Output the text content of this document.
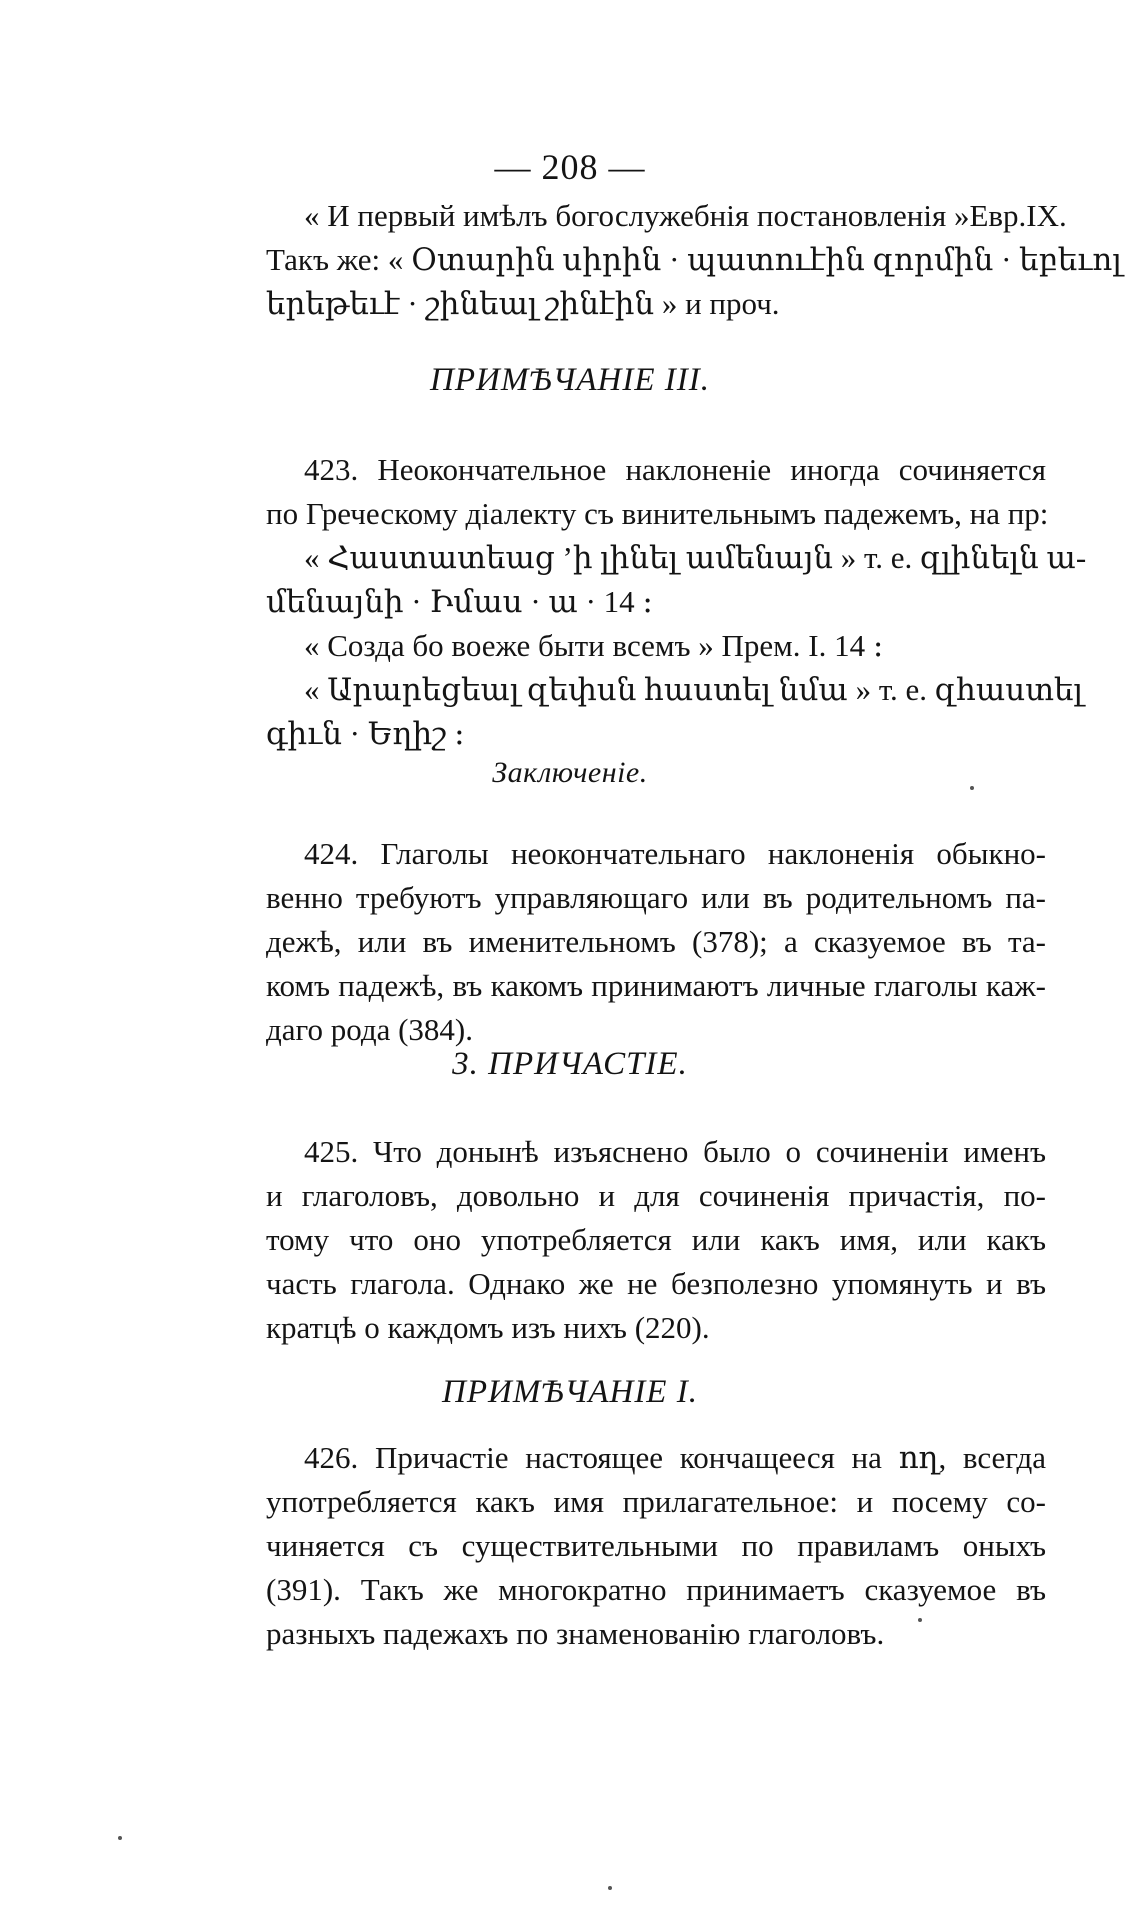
— 208 —
« И первый имѣлъ богослужебнія постановленія »Евр.IX.
Такъ же: « Օտարին սիրին · պատուէին զորմին · եբեւոլ
երեթեւէ · շինեալ շինէին » и проч.
ПРИМѢЧАНІЕ III.
423. Неокончательное наклоненіе иногда сочиняется
по Греческому діалекту съ винительнымъ падежемъ, на пр:
« Հաստատեաց ’ի լինել ամենայն » т. е. զլինելն ա-
մենայնի · Իմաս · ա · 14 ։
« Созда бо воеже быти всемъ » Прем. I. 14 ։
« Արարեցեալ զեփսն հաստել նմա » т. е. զհաստել
գիւն · Եղիշ ։
Заключеніе.
424. Глаголы неокончательнаго наклоненія обыкно-
венно требуютъ управляющаго или въ родительномъ па-
дежѣ, или въ именительномъ (378); а сказуемое въ та-
комъ падежѣ, въ какомъ принимаютъ личные глаголы каж-
даго рода (384).
3. ПРИЧАСТІЕ.
425. Что донынѣ изъяснено было о сочиненіи именъ
и глаголовъ, довольно и для сочиненія причастія, по-
тому что оно употребляется или какъ имя, или какъ
часть глагола. Однако же не безполезно упомянуть и въ
кратцѣ о каждомъ изъ нихъ (220).
ПРИМѢЧАНІЕ I.
426. Причастіе настоящее кончащееся на ող, всегда
употребляется какъ имя прилагательное: и посему со-
чиняется съ существительными по правиламъ оныхъ
(391). Такъ же многократно принимаетъ сказуемое въ
разныхъ падежахъ по знаменованію глаголовъ.
